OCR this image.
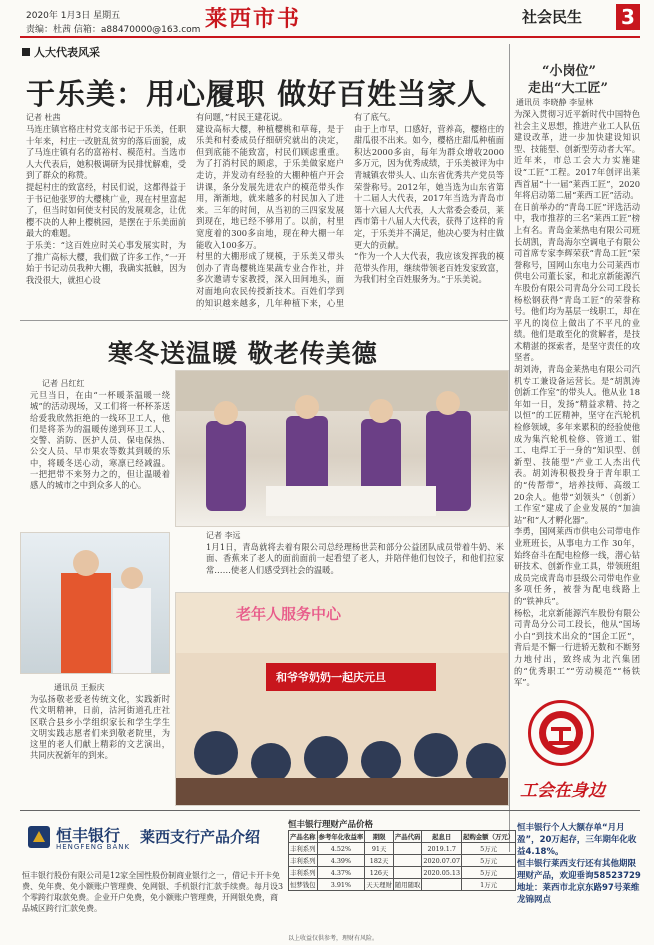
2020年 1月3日 星期五
责编：杜茜 信箱：a88470000@163.com 莱西市书	社会民生 3
人大代表风采
于乐美：用心履职 做好百姓当家人
记者 杜茜
马连庄镇官格庄村党支部书记于乐美，任职十年来，村庄一改脏乱贫穷的落后面貌，成了马连庄镇有名的富裕村、模范村。当选市人大代表后，她积极调研为民排忧解难，受到了群众的称赞。
提起村庄的致富经，村民们说，这都得益于于书记他张罗的大樱桃广业，现在村里富起了，但当时如何使支村民的发展观念，让优樱不决的人种上樱桃园，是摆在于乐美面前最大的难题。
于乐美：“这百姓应时关心事发展实时，为了推广高标大樱，我们做了许多工作，”一开始于书记动员我种大棚，我确实抵触，因为我没很大，就担心设
有问题，”村民王建花说。
建设高标大樱，种植樱桃和草莓，是于乐美和村委成员仔细研究就出的决定，但到底能不能致富，村民们顾虑重重。为了打消村民的顾虑，于乐美做家庭户走访，并发动有经验的大棚种植户开会讲课，条分发展先进农户的模范带头作用，渐渐地，就来越多的村民加入了进来。三年的时间，从当初的三四家发展到现在，地已经不够用了。以前，村里宽度着的300多亩地，现在种大棚一年能收入100多万。
村里的大棚形成了规模，于乐美又带头创办了青岛樱桃连果蔬专业合作社，并多次邀请专家教授，深入田间地头，面对面地向农民传授新技术。百姓们学到的知识越来越多，几年种植下来，心里
有了底气。
由于上市早，口感好，营养高，樱格庄的甜瓜很不出来。如今，樱格庄甜瓜种植面积达2000多亩，每年为群众增收2000多万元，因为优秀成绩，于乐美被评为中青城镇农带头人、山东省优秀共产党员等荣誉称号。2012年，她当选为山东省第十二届人大代表，2017年当选为青岛市第十六届人大代表，人大常委会委员，莱西市第十八届人大代表，获得了这样的肯定，于乐美并不满足，他决心要为村庄做更大的贡献。
“作为一个人大代表，我应该发挥我的模范带头作用，继续带领老百姓发家致富，为我们村全百姓服务为。”于乐美说。
“小岗位”
走出“大工匠”
通讯员 李晓静 李显林
为深入贯彻习近平新时代中国特色社会主义思想，推进产业工人队伍建设改革，进一步加快建设知识型、技能型、创新型劳动者大军。近年来，市总工会大力实施建设“工匠”工程。2017年创评出莱西首届“十一届“莱西工匠”，2020年将启动第二届“莱西工匠”活动。
在日前举办的“青岛工匠”评选活动中，我市推荐的三名“莱西工匠”榜上有名。青岛金莱热电有限公司班长胡凯，青岛海尔空调电子有限公司首席专家李辉荣获“青岛工匠”荣誉称号，国网山东电力公司莱西市供电公司董长家，和北京新能源汽车股份有限公司青岛分公司工段长杨松钢获得“青岛工匠”的荣誉称号。他们均为基层一线职工，却在平凡的岗位上做出了不平凡的业绩。他们是敢至化的赏解者，是技术精湛的探索者，是坚守责任的攻坚者。
胡刘涛，青岛金莱热电有限公司汽机专工兼设备运营长。是“胡凯涛创新工作室”的带头人。他从业 18 年如一日，发扬“精益求精、持之以恒”的工匠精神，坚守在汽轮机检修领域，多年来累积的经验使他成为集汽轮机检修、管道工、钳工、电焊工于一身的“知识型、创新型、技能型”产业工人杰出代表。胡刘涛积极投身于青年职工的“传帮带”，培养技师、高级工 20余人。他带“刘领头”（创新）工作室”建成了企业发展的“加油站”和“人才孵化器”。
李勇，国网莱西市供电公司带电作业班班长，从事电力工作 30年，始终奋斗在配电检修一线，潜心钻研技术、创新作业工具，带领班组成员完成青岛市县级公司带电作业多项任务，被誉为配电线路上的“铁神兵”。
杨松，北京新能源汽车股份有限公司青岛分公司工段长，他从“国场小白”到技术出众的“国企工匠”，背后是不懈一行进轿无数和不断努力地付出，致终成为北汽集团的“优秀职工”“劳动模范”“杨铁军”。

工会在身边
寒冬送温暖 敬老传美德
记者 吕红红
元旦当日，在由“一杯暖茶温暖一绕城”的活动现场，又工们将一杯杯茶送给爱我欣然拒绝的一线环卫工人，他们是将茶为的温暖传递到环卫工人、交警、消防、医护人员、保电保热、公交人员、早市果农等数其到暖的乐中，将暖冬送心动，寒凛已经减温。一把把带不来努力之的，但让温暖着感人的城市之中到众多人的心。
记者 李远
1月1日，青岛就将去着有限公司总经理杨世芸和部分公益团队成员带着牛奶、米面、香蕉来了老人的面前面前一起看望了老人，并陪伴他们包饺子，和他们拉家常……使老人们感受到社会的温暖。
通讯员 王振庆
为弘扬敬老爱老传统文化，实践新时代文明精神，日前，沽河街道孔庄社区联合县乡小学组织家长和学生学生文明实践志愿者们来到敬老院里，为这里的老人们献上精彩的文艺演出，共同庆祝新年的到来。
老年人服务中心
和爷爷奶奶一起庆元旦
恒丰银行
HENGFENG BANK
莱西支行产品介绍
恒丰银行股份有限公司是12家全国性股份制商业银行之一，借记卡开卡免费、免年费、免小额账户管理费、免网银、手机银行汇款手续费。每月设3个零跨行取款免费。企业开户免费，免小额账户管理费，开网银免费，商品城区跨行汇款免费。
恒丰银行理财产品价格
产品名称	参考年化收益率	期限	产品代码	起息日	起购金额（万元）
丰利系列	4.52%	91天		2019.1.7	5万元
丰利系列	4.39%	182天		2020.07.07	5万元
丰利系列	4.37%	126天		2020.05.13	5万元
恒梦钱包	3.91%	天天理财	随用随取		1万元
以上收益仅供参考，理财有风险。
恒丰银行个人大额存单“月月盈”，20万起存，三年期年化收益4.18%。
恒丰银行莱西支行还有其他期限理财产品，欢迎垂询58523729
地址：莱西市北京东路97号莱维龙锦网点
